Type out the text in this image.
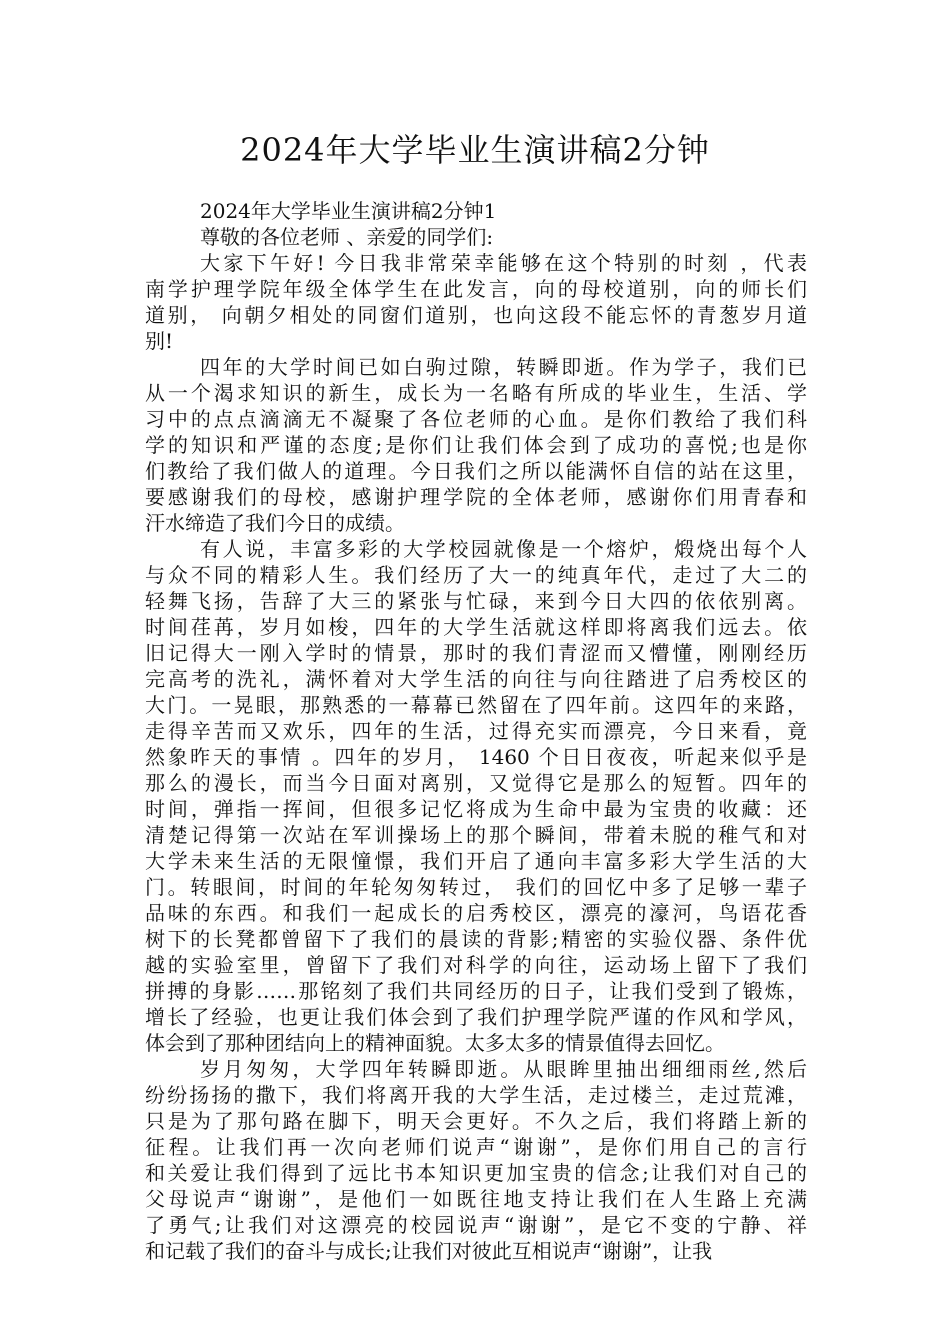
2024年大学毕业生演讲稿2分钟

2024年大学毕业生演讲稿2分钟1

尊敬的各位老师 、亲爱的同学们:

大家下午好! 今日我非常荣幸能够在这个特别的时刻 ，代表

南学护理学院年级全体学生在此发言，向的母校道别，向的师长们

道别， 向朝夕相处的同窗们道别，也向这段不能忘怀的青葱岁月道

别!

四年的大学时间已如白驹过隙，转瞬即逝。作为学子，我们已

从一个渴求知识的新生，成长为一名略有所成的毕业生，生活、学

习中的点点滴滴无不凝聚了各位老师的心血。是你们教给了我们科

学的知识和严谨的态度;是你们让我们体会到了成功的喜悦;也是你

们教给了我们做人的道理。今日我们之所以能满怀自信的站在这里，

要感谢我们的母校，感谢护理学院的全体老师，感谢你们用青春和

汗水缔造了我们今日的成绩。

有人说，丰富多彩的大学校园就像是一个熔炉，煅烧出每个人

与众不同的精彩人生。我们经历了大一的纯真年代，走过了大二的

轻舞飞扬，告辞了大三的紧张与忙碌，来到今日大四的依依别离。

时间荏苒，岁月如梭，四年的大学生活就这样即将离我们远去。依

旧记得大一刚入学时的情景，那时的我们青涩而又懵懂，刚刚经历

完高考的洗礼，满怀着对大学生活的向往与向往踏进了启秀校区的

大门。一晃眼，那熟悉的一幕幕已然留在了四年前。这四年的来路，

走得辛苦而又欢乐，四年的生活，过得充实而漂亮，今日来看，竟

然象昨天的事情 。四年的岁月， 1460 个日日夜夜，听起来似乎是

那么的漫长，而当今日面对离别，又觉得它是那么的短暂。四年的

时间，弹指一挥间，但很多记忆将成为生命中最为宝贵的收藏：还

清楚记得第一次站在军训操场上的那个瞬间，带着未脱的稚气和对

大学未来生活的无限憧憬，我们开启了通向丰富多彩大学生活的大

门。转眼间，时间的年轮匆匆转过， 我们的回忆中多了足够一辈子

品味的东西。和我们一起成长的启秀校区，漂亮的濠河，鸟语花香

树下的长凳都曾留下了我们的晨读的背影;精密的实验仪器、条件优

越的实验室里，曾留下了我们对科学的向往，运动场上留下了我们

拼搏的身影……那铭刻了我们共同经历的日子，让我们受到了锻炼，

增长了经验，也更让我们体会到了我们护理学院严谨的作风和学风，

体会到了那种团结向上的精神面貌。太多太多的情景值得去回忆。

岁月匆匆，大学四年转瞬即逝。从眼眸里抽出细细雨丝,然后

纷纷扬扬的撒下，我们将离开我的大学生活，走过楼兰，走过荒滩，

只是为了那句路在脚下，明天会更好。不久之后，我们将踏上新的

征程。让我们再一次向老师们说声“谢谢”，是你们用自己的言行

和关爱让我们得到了远比书本知识更加宝贵的信念;让我们对自己的

父母说声“谢谢”，是他们一如既往地支持让我们在人生路上充满

了勇气;让我们对这漂亮的校园说声“谢谢”，是它不变的宁静、祥

和记载了我们的奋斗与成长;让我们对彼此互相说声“谢谢”，让我
